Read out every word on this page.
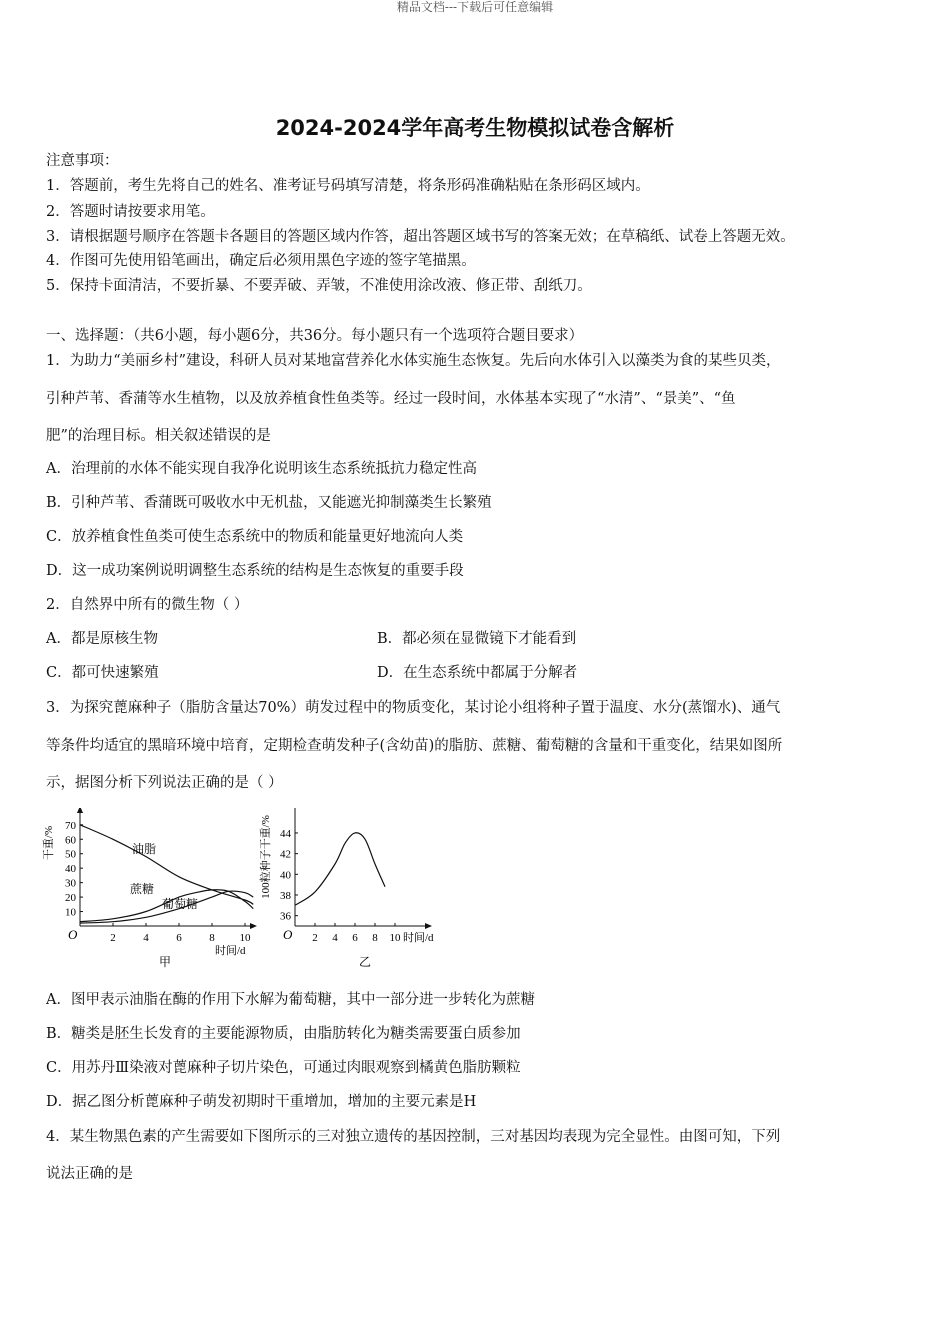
精品文档---下载后可任意编辑
2024-2024学年高考生物模拟试卷含解析
注意事项：
1．答题前，考生先将自己的姓名、准考证号码填写清楚，将条形码准确粘贴在条形码区域内。
2．答题时请按要求用笔。
3．请根据题号顺序在答题卡各题目的答题区域内作答，超出答题区域书写的答案无效；在草稿纸、试卷上答题无效。
4．作图可先使用铅笔画出，确定后必须用黑色字迹的签字笔描黑。
5．保持卡面清洁，不要折暴、不要弄破、弄皱，不准使用涂改液、修正带、刮纸刀。
一、选择题：（共6小题，每小题6分，共36分。每小题只有一个选项符合题目要求）
1．为助力“美丽乡村”建设，科研人员对某地富营养化水体实施生态恢复。先后向水体引入以藻类为食的某些贝类，
引种芦苇、香蒲等水生植物，以及放养植食性鱼类等。经过一段时间，水体基本实现了“水清”、“景美”、“鱼
肥”的治理目标。相关叙述错误的是
A．治理前的水体不能实现自我净化说明该生态系统抵抗力稳定性高
B．引种芦苇、香蒲既可吸收水中无机盐，又能遮光抑制藻类生长繁殖
C．放养植食性鱼类可使生态系统中的物质和能量更好地流向人类
D．这一成功案例说明调整生态系统的结构是生态恢复的重要手段
2．自然界中所有的微生物（ ）
A．都是原核生物	B．都必须在显微镜下才能看到
C．都可快速繁殖	D．在生态系统中都属于分解者
3．为探究蓖麻种子（脂肪含量达70%）萌发过程中的物质变化，某讨论小组将种子置于温度、水分(蒸馏水)、通气
等条件均适宜的黑暗环境中培育，定期检查萌发种子(含幼苗)的脂肪、蔗糖、葡萄糖的含量和干重变化，结果如图所
示，据图分析下列说法正确的是（ ）
10
20
30
40
50
60
70
2	4	6	8 10
O
时间/d
干重/%
甲
油脂
蔗糖
葡萄糖
36
38
40
42
44
2 4 6 8 10
O	时间/d
100粒种子干重/%
乙
A．图甲表示油脂在酶的作用下水解为葡萄糖，其中一部分进一步转化为蔗糖
B．糖类是胚生长发育的主要能源物质，由脂肪转化为糖类需要蛋白质参加
C．用苏丹Ⅲ染液对蓖麻种子切片染色，可通过肉眼观察到橘黄色脂肪颗粒
D．据乙图分析蓖麻种子萌发初期时干重增加，增加的主要元素是H
4．某生物黑色素的产生需要如下图所示的三对独立遗传的基因控制，三对基因均表现为完全显性。由图可知，下列
说法正确的是
